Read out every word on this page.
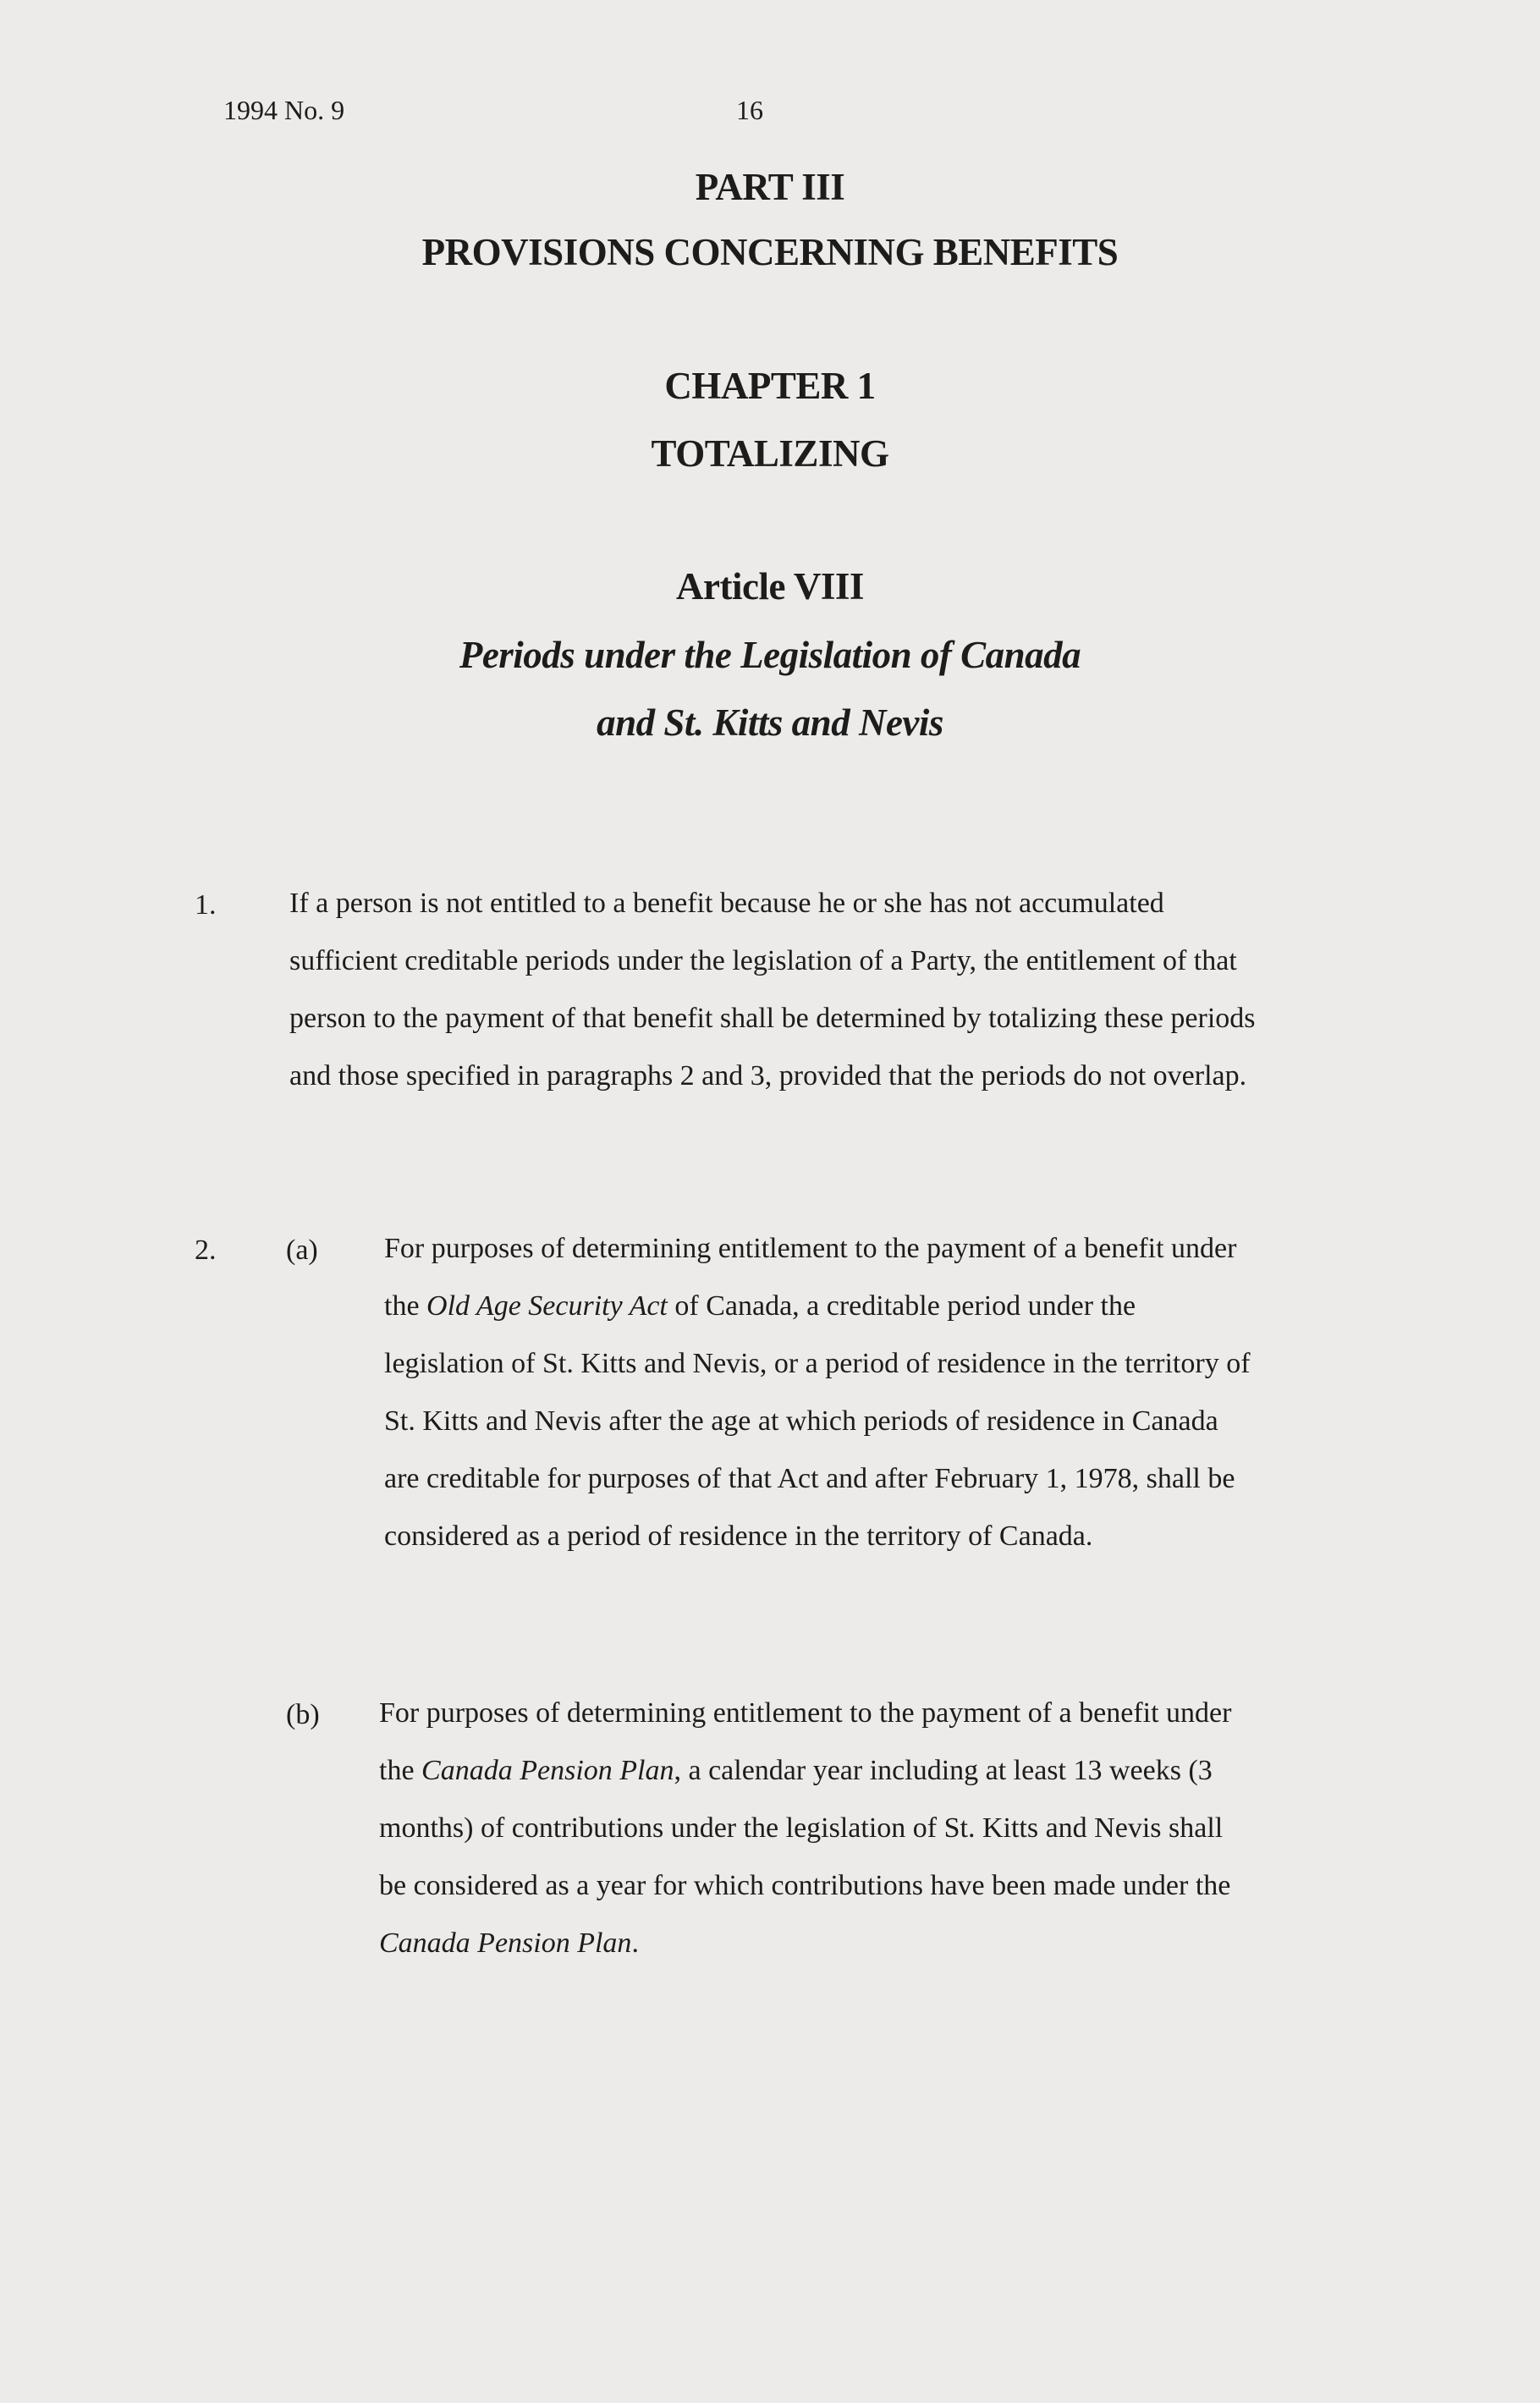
1994 No. 9	16
PART III
PROVISIONS CONCERNING BENEFITS
CHAPTER 1
TOTALIZING
Article VIII
Periods under the Legislation of Canada
and St. Kitts and Nevis
1.	If a person is not entitled to a benefit because he or she has not accumulated sufficient creditable periods under the legislation of a Party, the entitlement of that person to the payment of that benefit shall be determined by totalizing these periods and those specified in paragraphs 2 and 3, provided that the periods do not overlap.
2. (a) For purposes of determining entitlement to the payment of a benefit under the Old Age Security Act of Canada, a creditable period under the legislation of St. Kitts and Nevis, or a period of residence in the territory of St. Kitts and Nevis after the age at which periods of residence in Canada are creditable for purposes of that Act and after February 1, 1978, shall be considered as a period of residence in the territory of Canada.
(b) For purposes of determining entitlement to the payment of a benefit under the Canada Pension Plan, a calendar year including at least 13 weeks (3 months) of contributions under the legislation of St. Kitts and Nevis shall be considered as a year for which contributions have been made under the Canada Pension Plan.
